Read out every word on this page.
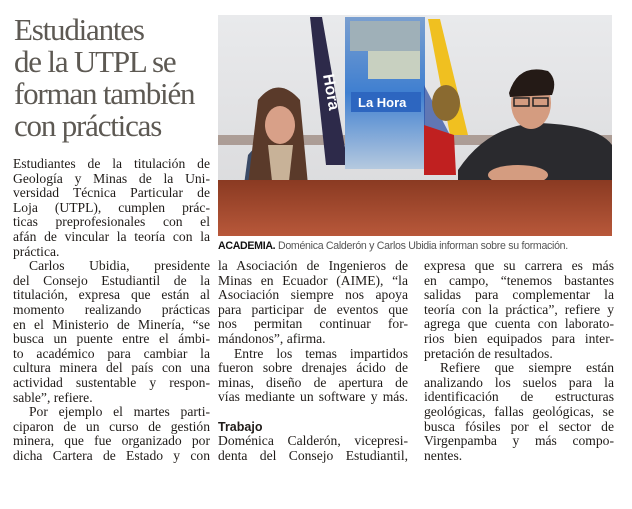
Estudiantes
de la UTPL se
forman también
con prácticas
Hora La Hora
ACADEMIA. Doménica Calderón y Carlos Ubidia informan sobre su formación.
Estudiantes de la titulación de
Geología y Minas de la Uni-
versidad Técnica Particular de
Loja (UTPL), cumplen prác-
ticas preprofesionales con el
afán de vincular la teoría con la
práctica.
Carlos Ubidia, presidente
del Consejo Estudiantil de la
titulación, expresa que están al
momento realizando prácticas
en el Ministerio de Minería, “se
busca un puente entre el ámbi-
to académico para cambiar la
cultura minera del país con una
actividad sustentable y respon-
sable”, refiere.
Por ejemplo el martes parti-
ciparon de un curso de gestión
minera, que fue organizado por
dicha Cartera de Estado y con
la Asociación de Ingenieros de
Minas en Ecuador (AIME), “la
Asociación siempre nos apoya
para participar de eventos que
nos permitan continuar for-
mándonos”, afirma.
Entre los temas impartidos
fueron sobre drenajes ácido de
minas, diseño de apertura de
vías mediante un software y más.
Trabajo
Doménica Calderón, vicepresi-
denta del Consejo Estudiantil,
expresa que su carrera es más
en campo, “tenemos bastantes
salidas para complementar la
teoría con la práctica”, refiere y
agrega que cuenta con laborato-
rios bien equipados para inter-
pretación de resultados.
Refiere que siempre están
analizando los suelos para la
identificación de estructuras
geológicas, fallas geológicas, se
busca fósiles por el sector de
Virgenpamba y más compo-
nentes.
